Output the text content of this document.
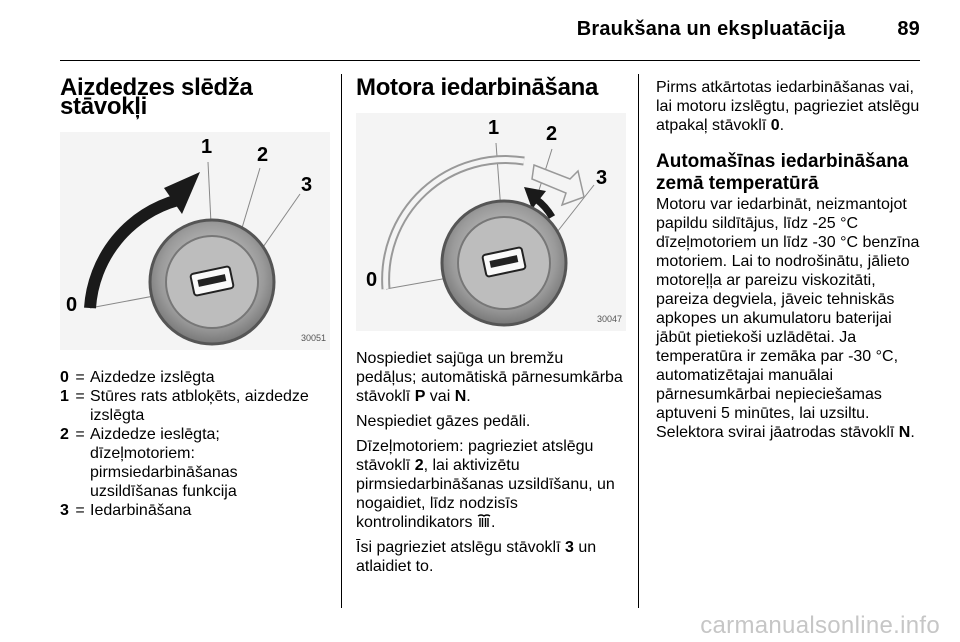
Braukšana un ekspluatācija	89
Aizdedzes slēdža stāvokļi
0
1 2
3
30051
0 = Aizdedze izslēgta
1 = Stūres rats atbloķēts, aizdedze izslēgta
2 = Aizdedze ieslēgta; dīzeļmotoriem: pirmsiedarbināšanas uzsildīšanas funkcija
3 = Iedarbināšana
Motora iedarbināšana
0
1 2
3
30047

Nospiediet sajūga un bremžu pedāļus; automātiskā pārnesumkārba stāvoklī P vai N.

Nespiediet gāzes pedāli.

Dīzeļmotoriem: pagrieziet atslēgu stāvoklī 2, lai aktivizētu pirmsiedarbināšanas uzsildīšanu, un nogaidiet, līdz nodzisīs kontrolindikators .

Īsi pagrieziet atslēgu stāvoklī 3 un atlaidiet to.

Pirms atkārtotas iedarbināšanas vai, lai motoru izslēgtu, pagrieziet atslēgu atpakaļ stāvoklī 0.

Automašīnas iedarbināšana zemā temperatūrā

Motoru var iedarbināt, neizmantojot papildu sildītājus, līdz -25 °C dīzeļmotoriem un līdz -30 °C benzīna motoriem. Lai to nodrošinātu, jālieto motoreļļa ar pareizu viskozitāti, pareiza degviela, jāveic tehniskās apkopes un akumulatoru baterijai jābūt pietiekoši uzlādētai. Ja temperatūra ir zemāka par -30 °C, automatizētajai manuālai pārnesumkārbai nepieciešamas aptuveni 5 minūtes, lai uzsiltu. Selektora svirai jāatrodas stāvoklī N.

carmanualsonline.info
